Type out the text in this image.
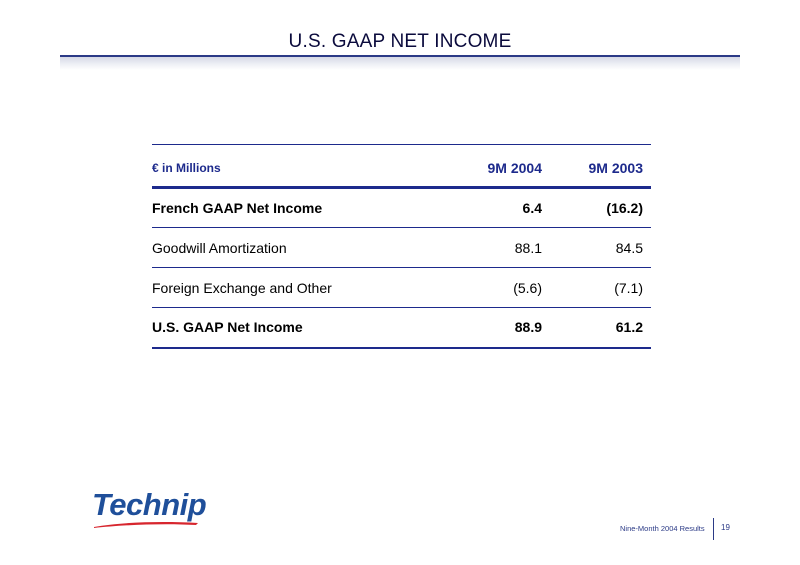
U.S. GAAP NET INCOME
€ in Millions	9M 2004	9M 2003
French GAAP Net Income	6.4	(16.2)
Goodwill Amortization	88.1	84.5
Foreign Exchange and Other	(5.6)	(7.1)
U.S. GAAP Net Income	88.9	61.2
Technip
Nine-Month 2004 Results 19
